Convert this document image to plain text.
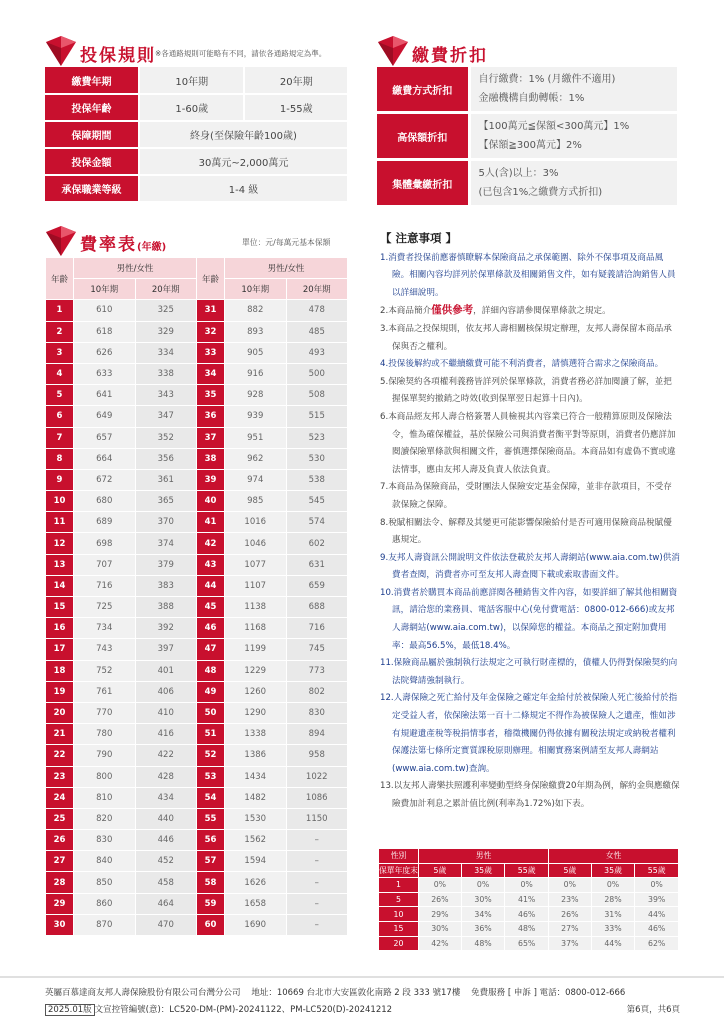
投保規則 ※各通路規則可能略有不同，請依各通路規定為準。
繳費年期	10年期	20年期
投保年齡	1-60歲	1-55歲
保障期間	終身(至保險年齡100歲)	
投保金額	30萬元~2,000萬元	
承保職業等級	1-4 級	
繳費折扣
繳費方式折扣	自行繳費：1% (月繳件不適用)
金融機構自動轉帳：1%

高保額折扣	【100萬元≦保額<300萬元】1%
【保額≧300萬元】2%

集體彙繳折扣	5人(含)以上：3%
(已包含1%之繳費方式折扣)
費率表(年繳)	單位：元/每萬元基本保額
年齡	男性/女性		年齡	男性/女性	
	10年期	20年期		10年期	20年期
1	610	325	31	882	478
2	618	329	32	893	485
3	626	334	33	905	493
4	633	338	34	916	500
5	641	343	35	928	508
6	649	347	36	939	515
7	657	352	37	951	523
8	664	356	38	962	530
9	672	361	39	974	538
10	680	365	40	985	545
11	689	370	41	1016	574
12	698	374	42	1046	602
13	707	379	43	1077	631
14	716	383	44	1107	659
15	725	388	45	1138	688
16	734	392	46	1168	716
17	743	397	47	1199	745
18	752	401	48	1229	773
19	761	406	49	1260	802
20	770	410	50	1290	830
21	780	416	51	1338	894
22	790	422	52	1386	958
23	800	428	53	1434	1022
24	810	434	54	1482	1086
25	820	440	55	1530	1150
26	830	446	56	1562	–
27	840	452	57	1594	–
28	850	458	58	1626	–
29	860	464	59	1658	–
30	870	470	60	1690	–
【 注意事項 】
1.消費者投保前應審慎瞭解本保險商品之承保範圍、除外不保事項及商品風險。相關內容均詳列於保單條款及相關銷售文件，如有疑義請洽詢銷售人員以詳細說明。
2.本商品簡介僅供參考，詳細內容請參閱保單條款之規定。
3.本商品之投保規則，依友邦人壽相關核保規定辦理，友邦人壽保留本商品承保與否之權利。
4.投保後解約或不繼續繳費可能不利消費者，請慎選符合需求之保險商品。
5.保險契約各項權利義務皆詳列於保單條款，消費者務必詳加閱讀了解，並把握保單契約撤銷之時效(收到保單翌日起算十日內)。
6.本商品經友邦人壽合格簽署人員檢視其內容業已符合一般精算原則及保險法令，惟為確保權益，基於保險公司與消費者衡平對等原則，消費者仍應詳加閱讀保險單條款與相關文件，審慎選擇保險商品。本商品如有虛偽不實或違法情事，應由友邦人壽及負責人依法負責。
7.本商品為保險商品，受財團法人保險安定基金保障，並非存款項目，不受存款保險之保障。
8.稅賦相關法令、解釋及其變更可能影響保險給付是否可適用保險商品稅賦優惠規定。
9.友邦人壽資訊公開說明文件依法登載於友邦人壽網站(www.aia.com.tw)供消費者查閱，消費者亦可至友邦人壽查閱下載或索取書面文件。
10.消費者於購買本商品前應詳閱各種銷售文件內容，如要詳細了解其他相關資訊，請洽您的業務員、電話客服中心(免付費電話：0800-012-666)或友邦人壽網站(www.aia.com.tw)，以保障您的權益。本商品之預定附加費用率：最高56.5%，最低18.4%。
11.保險商品屬於強制執行法規定之可執行財產標的，債權人仍得對保險契約向法院聲請強制執行。
12.人壽保險之死亡給付及年金保險之確定年金給付於被保險人死亡後給付於指定受益人者，依保險法第一百十二條規定不得作為被保險人之遺產，惟如涉有規避遺產稅等稅捐情事者，稽徵機關仍得依據有關稅法規定或納稅者權利保護法第七條所定實質課稅原則辦理。相關實務案例請至友邦人壽網站 (www.aia.com.tw)查詢。
13.以友邦人壽樂扶照護利率變動型終身保險繳費20年期為例，解約金與應繳保險費加計利息之累計值比例(利率為1.72%)如下表。
性別	男性			女性		
保單年度末	5歲	35歲	55歲	5歲	35歲	55歲
1	0%	0%	0%	0%	0%	0%
5	26%	30%	41%	23%	28%	39%
10	29%	34%	46%	26%	31%	44%
15	30%	36%	48%	27%	33%	46%
20	42%	48%	65%	37%	44%	62%
英屬百慕達商友邦人壽保險股份有限公司台灣分公司 地址：10669 台北市大安區敦化南路 2 段 333 號17樓 免費服務 [ 申訴 ] 電話：0800-012-666
2025.01版 文宣控管編號(意)：LC520-DM-(PM)-20241122、PM-LC520(D)-20241212	第6頁，共6頁
